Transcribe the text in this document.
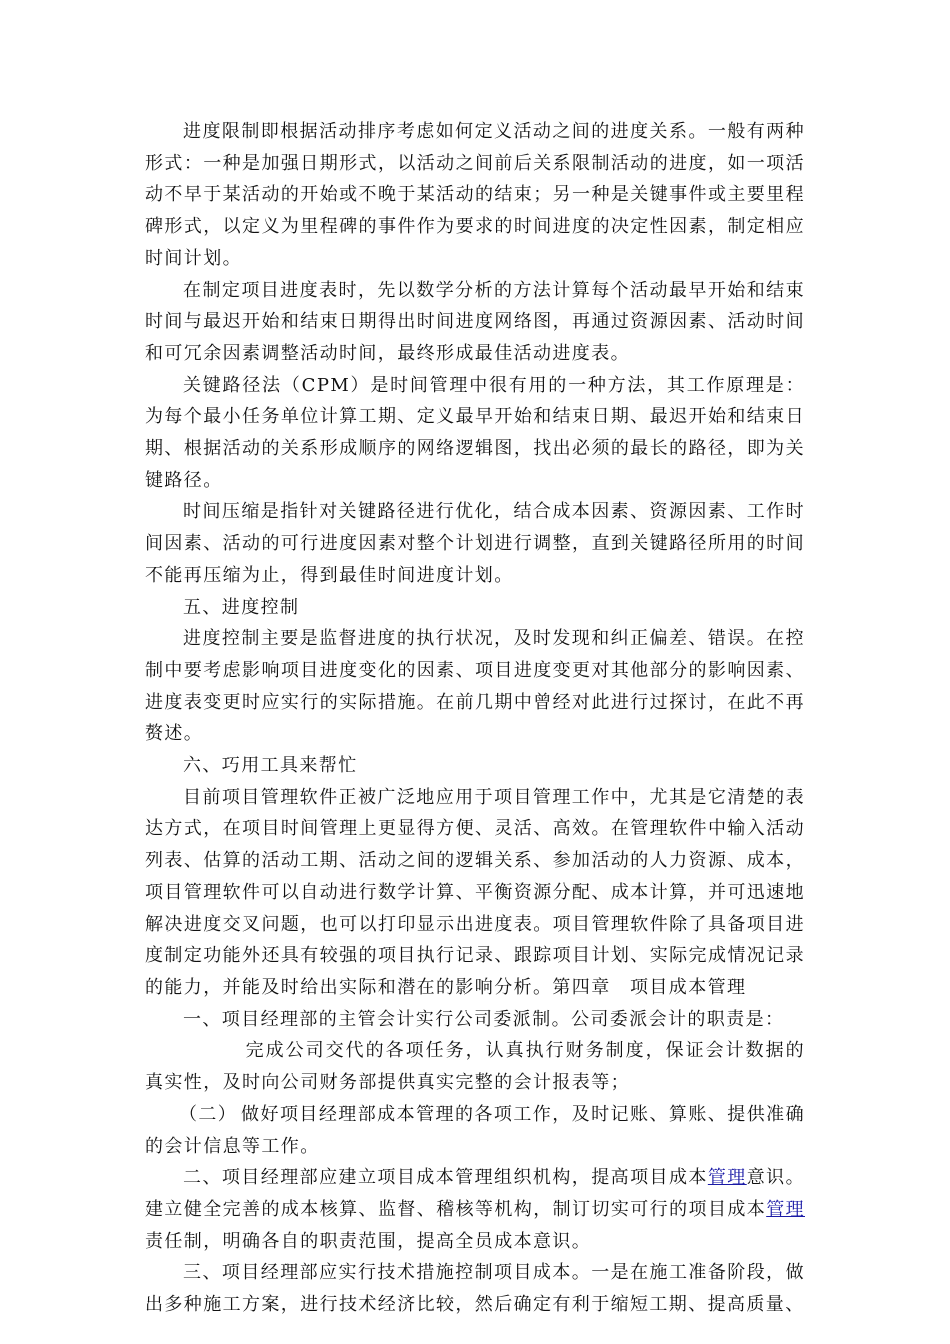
进度限制即根据活动排序考虑如何定义活动之间的进度关系。一般有两种形式：一种是加强日期形式，以活动之间前后关系限制活动的进度，如一项活动不早于某活动的开始或不晚于某活动的结束；另一种是关键事件或主要里程碑形式，以定义为里程碑的事件作为要求的时间进度的决定性因素，制定相应时间计划。

在制定项目进度表时，先以数学分析的方法计算每个活动最早开始和结束时间与最迟开始和结束日期得出时间进度网络图，再通过资源因素、活动时间和可冗余因素调整活动时间，最终形成最佳活动进度表。

关键路径法（CPM）是时间管理中很有用的一种方法，其工作原理是：为每个最小任务单位计算工期、定义最早开始和结束日期、最迟开始和结束日期、根据活动的关系形成顺序的网络逻辑图，找出必须的最长的路径，即为关键路径。

时间压缩是指针对关键路径进行优化，结合成本因素、资源因素、工作时间因素、活动的可行进度因素对整个计划进行调整，直到关键路径所用的时间不能再压缩为止，得到最佳时间进度计划。

五、进度控制

进度控制主要是监督进度的执行状况，及时发现和纠正偏差、错误。在控制中要考虑影响项目进度变化的因素、项目进度变更对其他部分的影响因素、进度表变更时应实行的实际措施。在前几期中曾经对此进行过探讨，在此不再赘述。

六、巧用工具来帮忙

目前项目管理软件正被广泛地应用于项目管理工作中，尤其是它清楚的表达方式，在项目时间管理上更显得方便、灵活、高效。在管理软件中输入活动列表、估算的活动工期、活动之间的逻辑关系、参加活动的人力资源、成本，项目管理软件可以自动进行数学计算、平衡资源分配、成本计算，并可迅速地解决进度交叉问题，也可以打印显示出进度表。项目管理软件除了具备项目进度制定功能外还具有较强的项目执行记录、跟踪项目计划、实际完成情况记录的能力，并能及时给出实际和潜在的影响分析。第四章　项目成本管理

一、项目经理部的主管会计实行公司委派制。公司委派会计的职责是：

完成公司交代的各项任务，认真执行财务制度，保证会计数据的真实性，及时向公司财务部提供真实完整的会计报表等；

（二） 做好项目经理部成本管理的各项工作，及时记账、算账、提供准确的会计信息等工作。

二、项目经理部应建立项目成本管理组织机构，提高项目成本管理意识。建立健全完善的成本核算、监督、稽核等机构，制订切实可行的项目成本管理责任制，明确各自的职责范围，提高全员成本意识。

三、项目经理部应实行技术措施控制项目成本。一是在施工准备阶段，做出多种施工方案，进行技术经济比较，然后确定有利于缩短工期、提高质量、
